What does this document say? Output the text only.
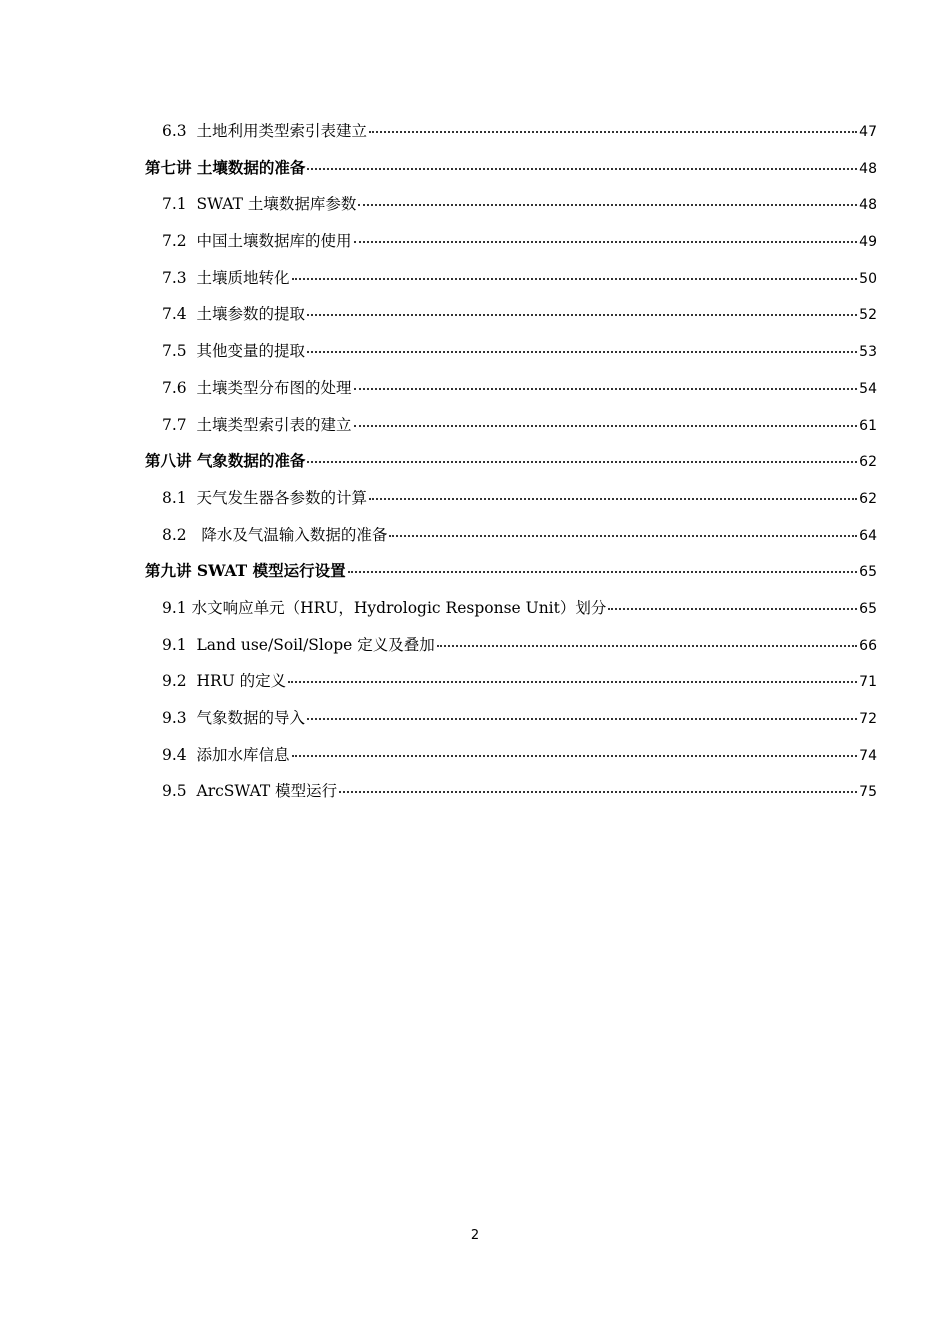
6.3  土地利用类型索引表建立	47
第七讲 土壤数据的准备	48
7.1  SWAT 土壤数据库参数	48
7.2  中国土壤数据库的使用	49
7.3  土壤质地转化	50
7.4  土壤参数的提取	52
7.5  其他变量的提取	53
7.6  土壤类型分布图的处理	54
7.7  土壤类型索引表的建立	61
第八讲 气象数据的准备	62
8.1  天气发生器各参数的计算	62
8.2   降水及气温输入数据的准备	64
第九讲 SWAT 模型运行设置	65
9.1 水文响应单元（HRU，Hydrologic Response Unit）划分	65
9.1  Land use/Soil/Slope 定义及叠加	66
9.2  HRU 的定义	71
9.3  气象数据的导入	72
9.4  添加水库信息	74
9.5  ArcSWAT 模型运行	75
2
